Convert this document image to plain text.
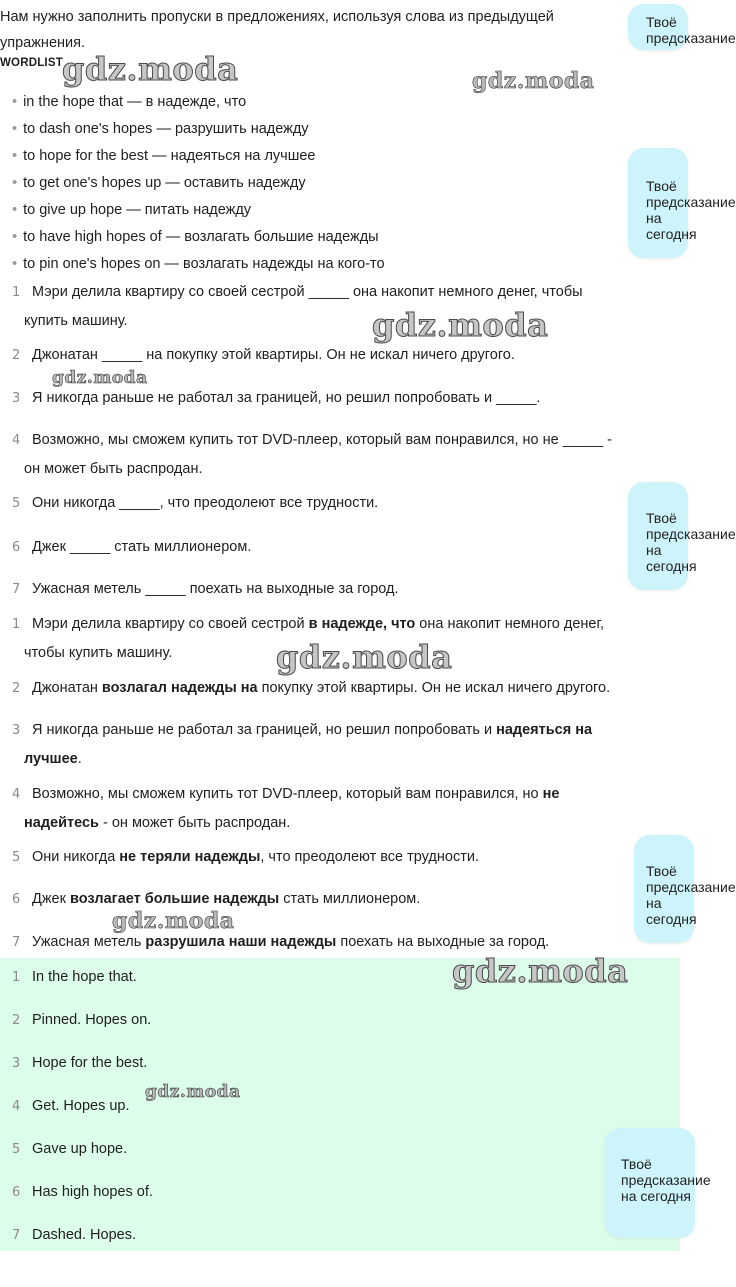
Нам нужно заполнить пропуски в предложениях, используя слова из предыдущей упражнения.
WORDLIST
• in the hope that — в надежде, что
• to dash one's hopes — разрушить надежду
• to hope for the best — надеяться на лучшее
• to get one's hopes up — оставить надежду
• to give up hope — питать надежду
• to have high hopes of — возлагать большие надежды
• to pin one's hopes on — возлагать надежды на кого-то
1 Мэри делила квартиру со своей сестрой _____ она накопит немного денег, чтобы
купить машину.
2 Джонатан _____ на покупку этой квартиры. Он не искал ничего другого.
3 Я никогда раньше не работал за границей, но решил попробовать и _____.
4 Возможно, мы сможем купить тот DVD-плеер, который вам понравился, но не _____ -
он может быть распродан.
5 Они никогда _____, что преодолеют все трудности.
6 Джек _____ стать миллионером.
7 Ужасная метель _____ поехать на выходные за город.
1 Мэри делила квартиру со своей сестрой в надежде, что она накопит немного денег,
чтобы купить машину.
2 Джонатан возлагал надежды на покупку этой квартиры. Он не искал ничего другого.
3 Я никогда раньше не работал за границей, но решил попробовать и надеяться на
лучшее.
4 Возможно, мы сможем купить тот DVD-плеер, который вам понравился, но не
надейтесь - он может быть распродан.
5 Они никогда не теряли надежды, что преодолеют все трудности.
6 Джек возлагает большие надежды стать миллионером.
7 Ужасная метель разрушила наши надежды поехать на выходные за город.
1 In the hope that.
2 Pinned. Hopes on.
3 Hope for the best.
4 Get. Hopes up.
5 Gave up hope.
6 Has high hopes of.
7 Dashed. Hopes.
gdz.moda	gdz.moda
gdz.moda
gdz.moda
gdz.moda
gdz.moda
gdz.moda
gdz.moda
Твоё
предсказание
Твоё
предсказание
на сегодня
Твоё
предсказание
на сегодня
Твоё
предсказание
на сегодня
Твоё
предсказание
на сегодня
